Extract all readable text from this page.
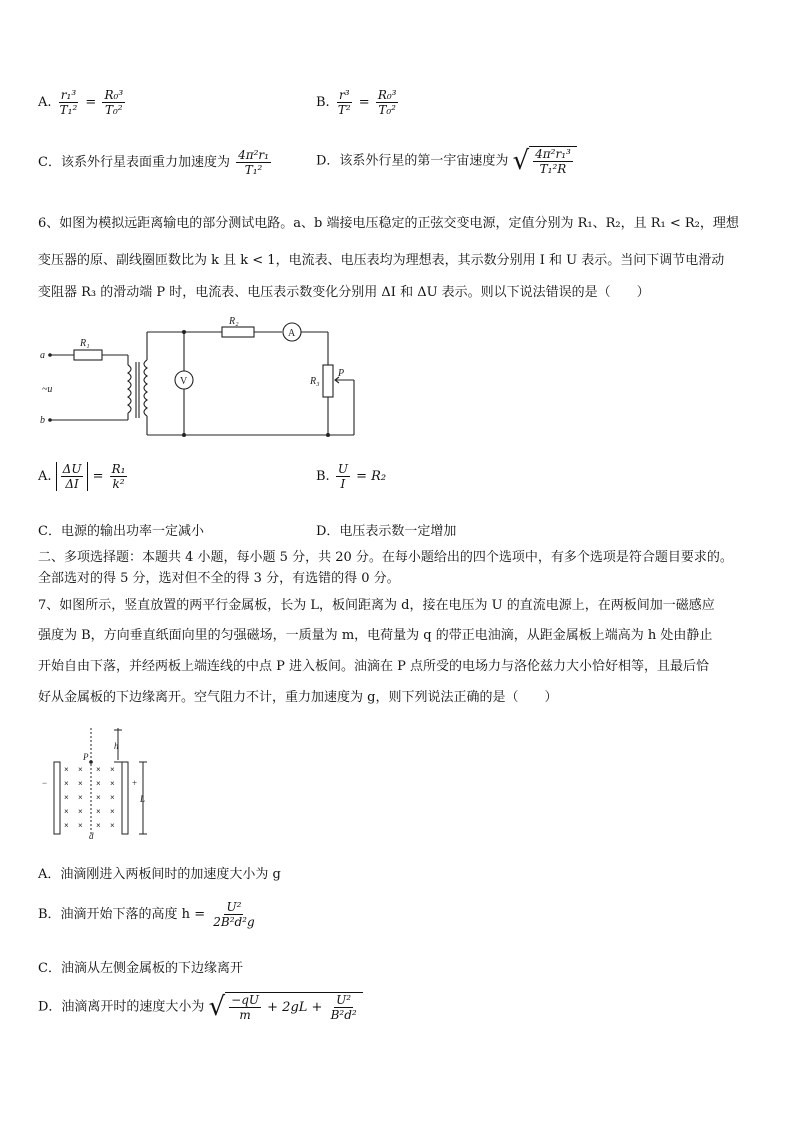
A. $\frac{\text{r₁³}}{\text{T₁²}} = \frac{\text{R₀³}}{\text{T₀²}}$	B. $\frac{\text{r³}}{\text{T²}} = \frac{\text{R₀³}}{\text{T₀²}}$
C．该系外行星表面重力加速度为 $\frac{\text{4π²r₁}}{\text{T₁²}}$	D．该系外行星的第一宇宙速度为 √ $\frac{\text{4π²r₁³}}{\text{T₁²R}}$
6、如图为模拟远距离输电的部分测试电路。a、b 端接电压稳定的正弦交变电源，定值分别为 R₁、R₂，且 R₁ < R₂，理想
变压器的原、副线圈匝数比为 k 且 k < 1，电流表、电压表均为理想表，其示数分别用 I 和 U 表示。当问下调节电滑动
变阻器 R₃ 的滑动端 P 时，电流表、电压表示数变化分别用 ΔI 和 ΔU 表示。则以下说法错误的是（　　）
a
b
~u
R₁
R₂
R₃
P
A
V
A. $\frac{\Delta U}{\Delta I} = \frac{\text{R₁}}{\text{k²}}$	B. $\frac{U}{I} = R_2$
C．电源的输出功率一定减小	D．电压表示数一定增加
二、多项选择题：本题共 4 小题，每小题 5 分，共 20 分。在每小题给出的四个选项中，有多个选项是符合题目要求的。
全部选对的得 5 分，选对但不全的得 3 分，有选错的得 0 分。
7、如图所示，竖直放置的两平行金属板，长为 L，板间距离为 d，接在电压为 U 的直流电源上，在两板间加一磁感应
强度为 B，方向垂直纸面向里的匀强磁场，一质量为 m，电荷量为 q 的带正电油滴，从距金属板上端高为 h 处由静止
开始自由下落，并经两板上端连线的中点 P 进入板间。油滴在 P 点所受的电场力与洛伦兹力大小恰好相等，且最后恰
好从金属板的下边缘离开。空气阻力不计，重力加速度为 g，则下列说法正确的是（　　）
× × × ×
× × × ×
× × × ×
× × × ×
× × × ×
−	+
h
P
L
d
A．油滴刚进入两板间时的加速度大小为 g
B．油滴开始下落的高度 $h = \frac{\text{U²}}{\text{2B²d²g}}$
C．油滴从左侧金属板的下边缘离开
D．油滴离开时的速度大小为 √ $\frac{-qU}{m} + 2gL + \frac{\text{U²}}{\text{B²d²}}$
